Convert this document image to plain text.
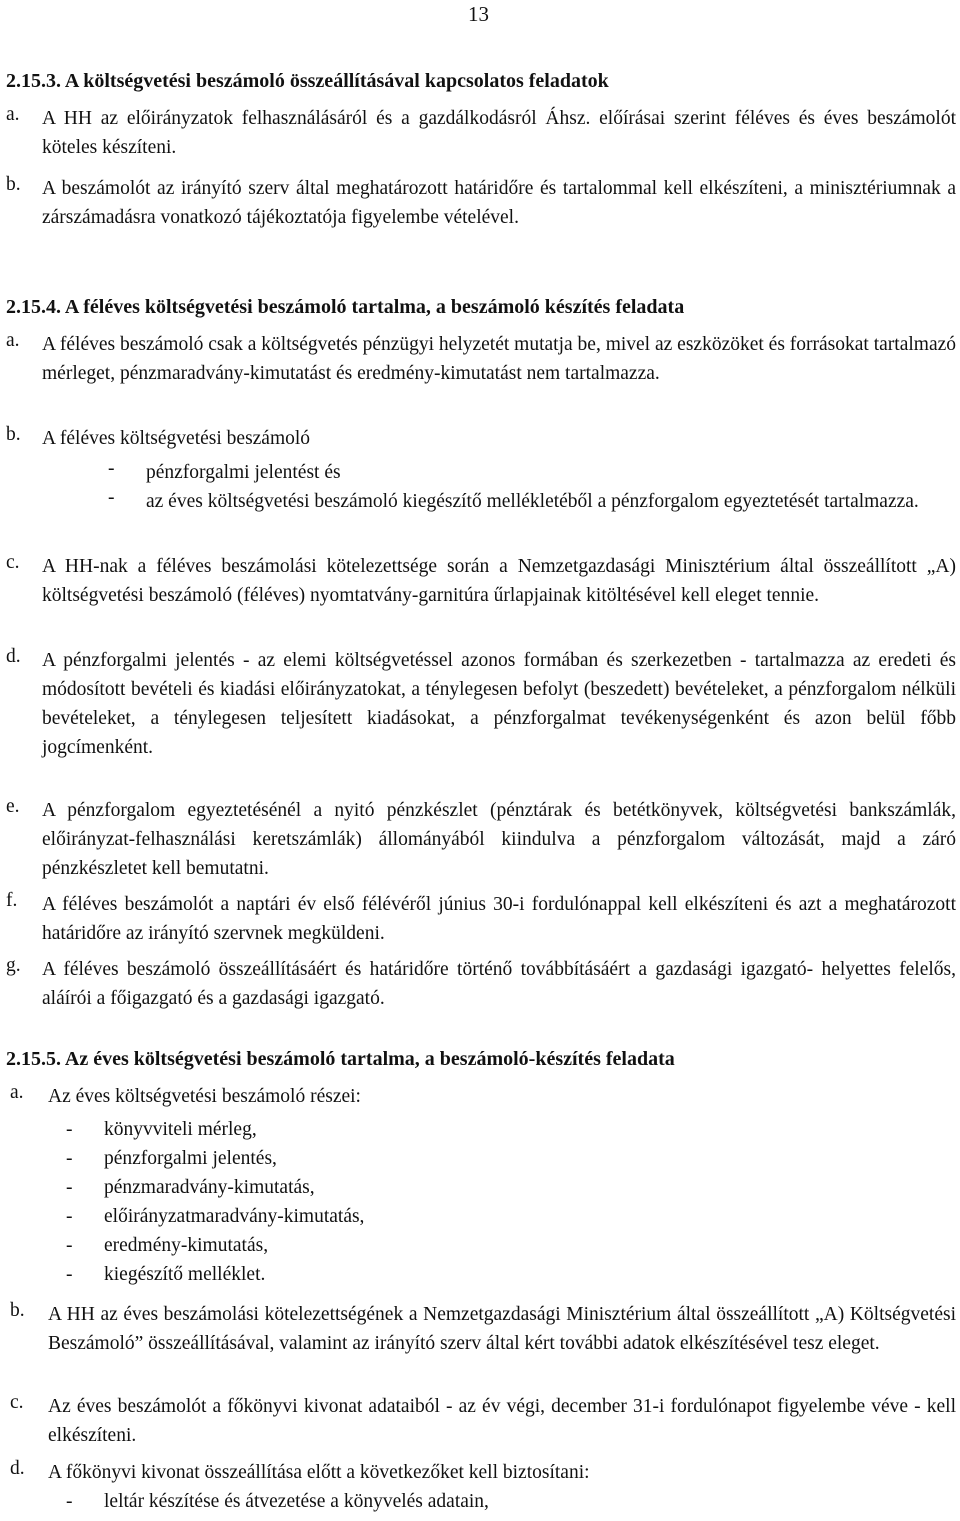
13
2.15.3. A költségvetési beszámoló összeállításával kapcsolatos feladatok
a. A HH az előirányzatok felhasználásáról és a gazdálkodásról Áhsz. előírásai szerint féléves és éves beszámolót köteles készíteni.
b. A beszámolót az irányító szerv által meghatározott határidőre és tartalommal kell elkészíteni, a minisztériumnak a zárszámadásra vonatkozó tájékoztatója figyelembe vételével.
2.15.4. A féléves költségvetési beszámoló tartalma, a beszámoló készítés feladata
a. A féléves beszámoló csak a költségvetés pénzügyi helyzetét mutatja be, mivel az eszközöket és forrásokat tartalmazó mérleget, pénzmaradvány-kimutatást és eredmény-kimutatást nem tartalmazza.
b. A féléves költségvetési beszámoló
- pénzforgalmi jelentést és
- az éves költségvetési beszámoló kiegészítő mellékletéből a pénzforgalom egyeztetését tartalmazza.
c. A HH-nak a féléves beszámolási kötelezettsége során a Nemzetgazdasági Minisztérium által összeállított „A) költségvetési beszámoló (féléves) nyomtatvány-garnitúra űrlapjainak kitöltésével kell eleget tennie.
d. A pénzforgalmi jelentés - az elemi költségvetéssel azonos formában és szerkezetben - tartalmazza az eredeti és módosított bevételi és kiadási előirányzatokat, a ténylegesen befolyt (beszedett) bevételeket, a pénzforgalom nélküli bevételeket, a ténylegesen teljesített kiadásokat, a pénzforgalmat tevékenységenként és azon belül főbb jogcímenként.
e. A pénzforgalom egyeztetésénél a nyitó pénzkészlet (pénztárak és betétkönyvek, költségvetési bankszámlák, előirányzat-felhasználási keretszámlák) állományából kiindulva a pénzforgalom változását, majd a záró pénzkészletet kell bemutatni.
f. A féléves beszámolót a naptári év első félévéről június 30-i fordulónappal kell elkészíteni és azt a meghatározott határidőre az irányító szervnek megküldeni.
g. A féléves beszámoló összeállításáért és határidőre történő továbbításáért a gazdasági igazgató- helyettes felelős, aláírói a főigazgató és a gazdasági igazgató.
2.15.5. Az éves költségvetési beszámoló tartalma, a beszámoló-készítés feladata
a. Az éves költségvetési beszámoló részei:
- könyvviteli mérleg,
- pénzforgalmi jelentés,
- pénzmaradvány-kimutatás,
- előirányzatmaradvány-kimutatás,
- eredmény-kimutatás,
- kiegészítő melléklet.
b. A HH az éves beszámolási kötelezettségének a Nemzetgazdasági Minisztérium által összeállított „A) Költségvetési Beszámoló” összeállításával, valamint az irányító szerv által kért további adatok elkészítésével tesz eleget.
c. Az éves beszámolót a főkönyvi kivonat adataiból - az év végi, december 31-i fordulónapot figyelembe véve - kell elkészíteni.
d. A főkönyvi kivonat összeállítása előtt a következőket kell biztosítani:
- leltár készítése és átvezetése a könyvelés adatain,
